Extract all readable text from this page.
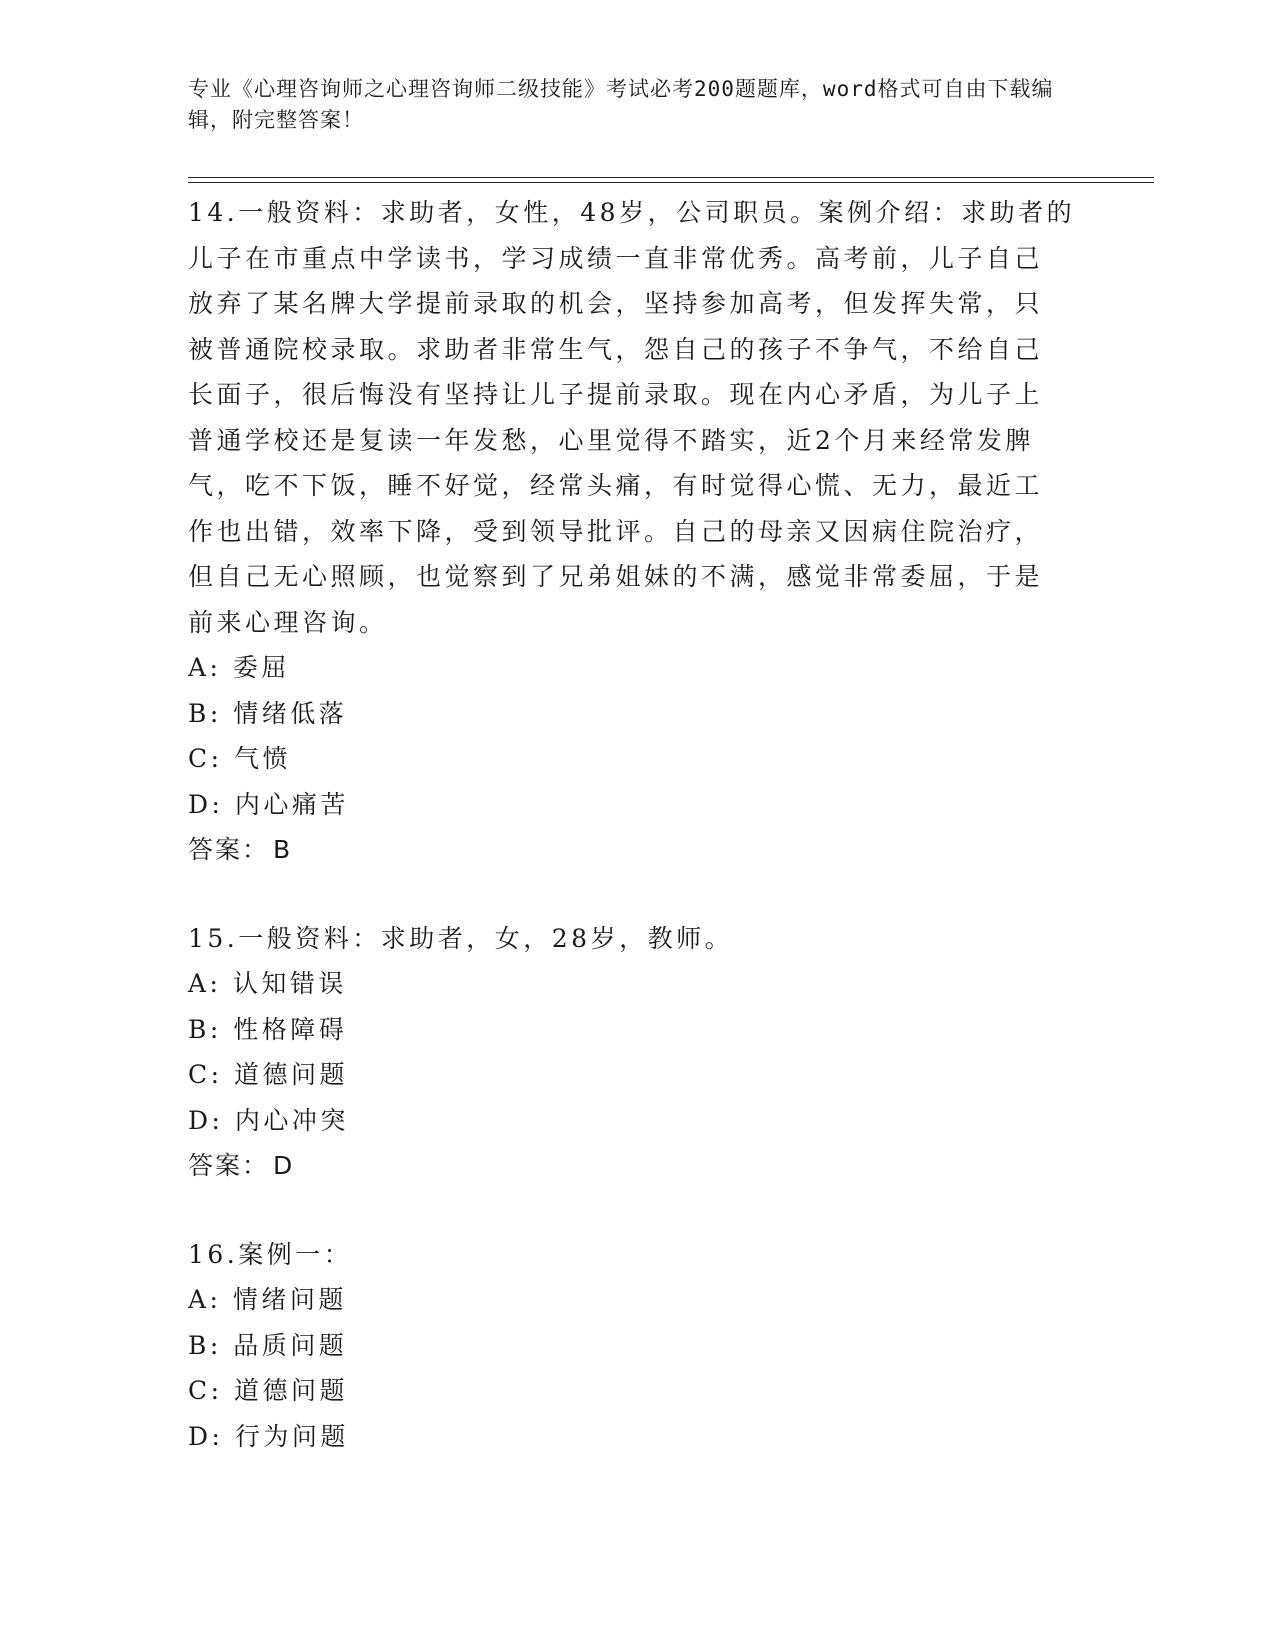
专业《心理咨询师之心理咨询师二级技能》考试必考200题题库，word格式可自由下载编辑，附完整答案！

14.一般资料：求助者，女性，48岁，公司职员。案例介绍：求助者的

儿子在市重点中学读书，学习成绩一直非常优秀。高考前，儿子自己

放弃了某名牌大学提前录取的机会，坚持参加高考，但发挥失常，只

被普通院校录取。求助者非常生气，怨自己的孩子不争气，不给自己

长面子，很后悔没有坚持让儿子提前录取。现在内心矛盾，为儿子上

普通学校还是复读一年发愁，心里觉得不踏实，近2个月来经常发脾

气，吃不下饭，睡不好觉，经常头痛，有时觉得心慌、无力，最近工

作也出错，效率下降，受到领导批评。自己的母亲又因病住院治疗，

但自己无心照顾，也觉察到了兄弟姐妹的不满，感觉非常委屈，于是

前来心理咨询。

A: 委屈

B: 情绪低落

C: 气愤

D: 内心痛苦

答案： B

15.一般资料：求助者，女，28岁，教师。

A: 认知错误

B: 性格障碍

C: 道德问题

D: 内心冲突

答案： D

16.案例一：

A: 情绪问题

B: 品质问题

C: 道德问题

D: 行为问题
